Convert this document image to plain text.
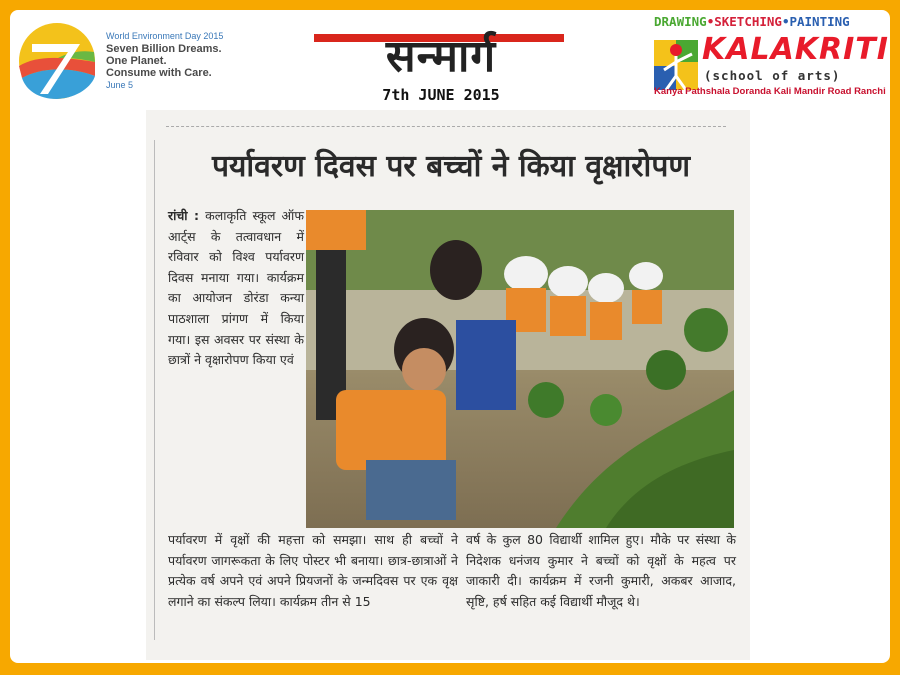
World Environment Day 2015
Seven Billion Dreams.
One Planet.
Consume with Care.
June 5
सन्मार्ग
7th JUNE 2015
DRAWING•SKETCHING•PAINTING
KALAKRITI
(school of arts)
Kanya Pathshala Doranda Kali Mandir Road Ranchi
पर्यावरण दिवस पर बच्चों ने किया वृक्षारोपण
रांची : कलाकृति स्कूल ऑफ आर्ट्स के तत्वावधान में रविवार को विश्व पर्यावरण दिवस मनाया गया। कार्यक्रम का आयोजन डोरंडा कन्या पाठशाला प्रांगण में किया गया। इस अवसर पर संस्था के छात्रों ने वृक्षारोपण किया एवं
पर्यावरण में वृक्षों की महत्ता को समझा। साथ ही बच्चों ने पर्यावरण जागरूकता के लिए पोस्टर भी बनाया। छात्र-छात्राओं ने प्रत्येक वर्ष अपने एवं अपने प्रियजनों के जन्मदिवस पर एक वृक्ष लगाने का संकल्प लिया। कार्यक्रम तीन से 15
वर्ष के कुल 80 विद्यार्थी शामिल हुए। मौके पर संस्था के निदेशक धनंजय कुमार ने बच्चों को वृक्षों के महत्व पर जाकारी दी। कार्यक्रम में रजनी कुमारी, अकबर आजाद, सृष्टि, हर्ष सहित कई विद्यार्थी मौजूद थे।
